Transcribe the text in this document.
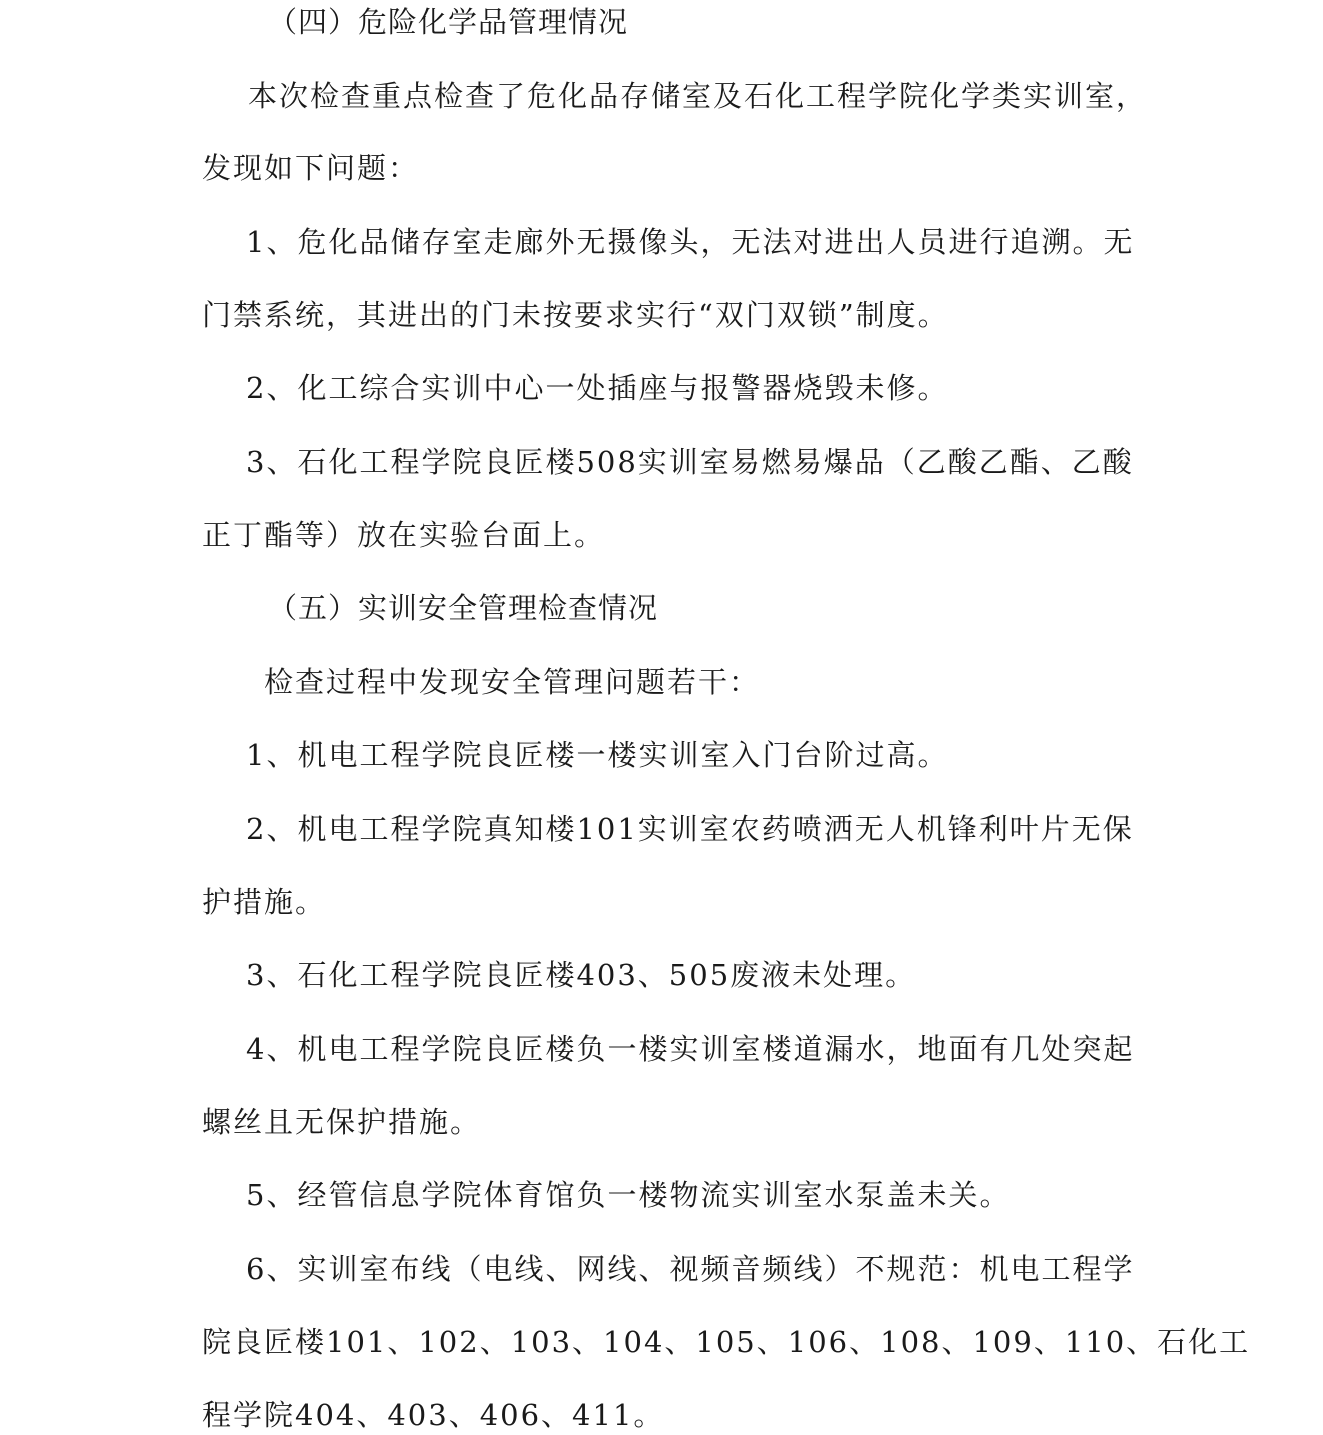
（四）危险化学品管理情况
本次检查重点检查了危化品存储室及石化工程学院化学类实训室，
发现如下问题：
1、危化品储存室走廊外无摄像头，无法对进出人员进行追溯。无
门禁系统，其进出的门未按要求实行“双门双锁”制度。
2、化工综合实训中心一处插座与报警器烧毁未修。
3、石化工程学院良匠楼508实训室易燃易爆品（乙酸乙酯、乙酸
正丁酯等）放在实验台面上。
（五）实训安全管理检查情况
检查过程中发现安全管理问题若干：
1、机电工程学院良匠楼一楼实训室入门台阶过高。
2、机电工程学院真知楼101实训室农药喷洒无人机锋利叶片无保
护措施。
3、石化工程学院良匠楼403、505废液未处理。
4、机电工程学院良匠楼负一楼实训室楼道漏水，地面有几处突起
螺丝且无保护措施。
5、经管信息学院体育馆负一楼物流实训室水泵盖未关。
6、实训室布线（电线、网线、视频音频线）不规范：机电工程学
院良匠楼101、102、103、104、105、106、108、109、110、石化工
程学院404、403、406、411。
